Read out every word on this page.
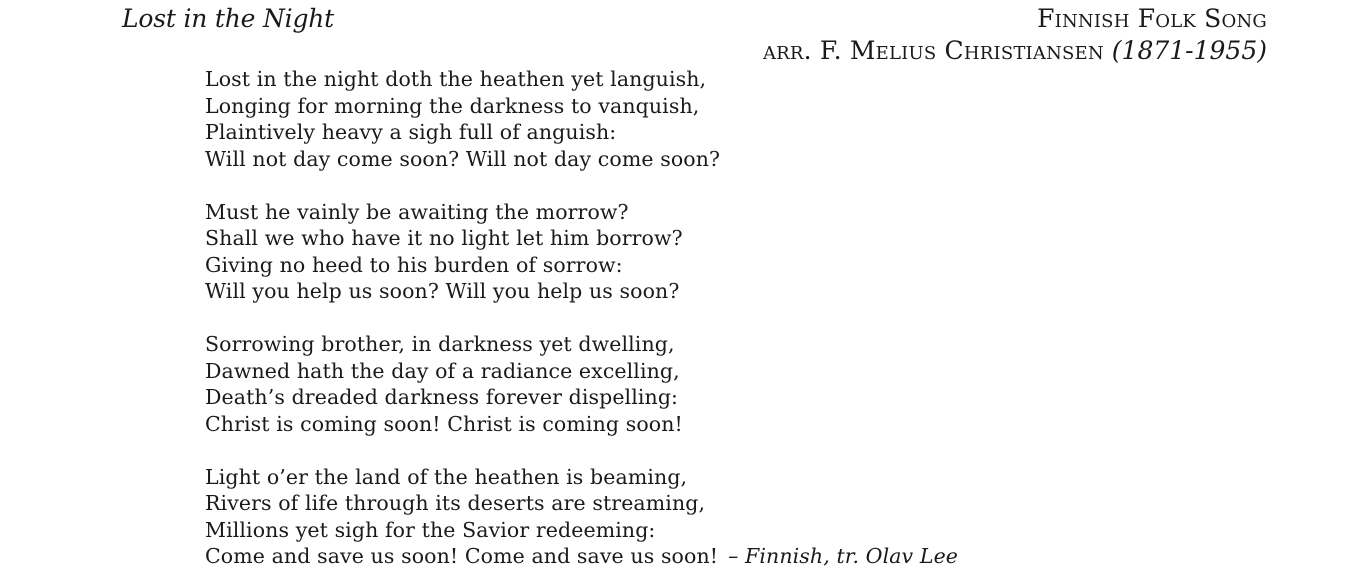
Lost in the Night	Finnish Folk Song
arr. F. Melius Christiansen (1871-1955)
Lost in the night doth the heathen yet languish,
Longing for morning the darkness to vanquish,
Plaintively heavy a sigh full of anguish:
Will not day come soon? Will not day come soon?
Must he vainly be awaiting the morrow?
Shall we who have it no light let him borrow?
Giving no heed to his burden of sorrow:
Will you help us soon? Will you help us soon?
Sorrowing brother, in darkness yet dwelling,
Dawned hath the day of a radiance excelling,
Death’s dreaded darkness forever dispelling:
Christ is coming soon! Christ is coming soon!
Light o’er the land of the heathen is beaming,
Rivers of life through its deserts are streaming,
Millions yet sigh for the Savior redeeming:
Come and save us soon! Come and save us soon! – Finnish, tr. Olav Lee
